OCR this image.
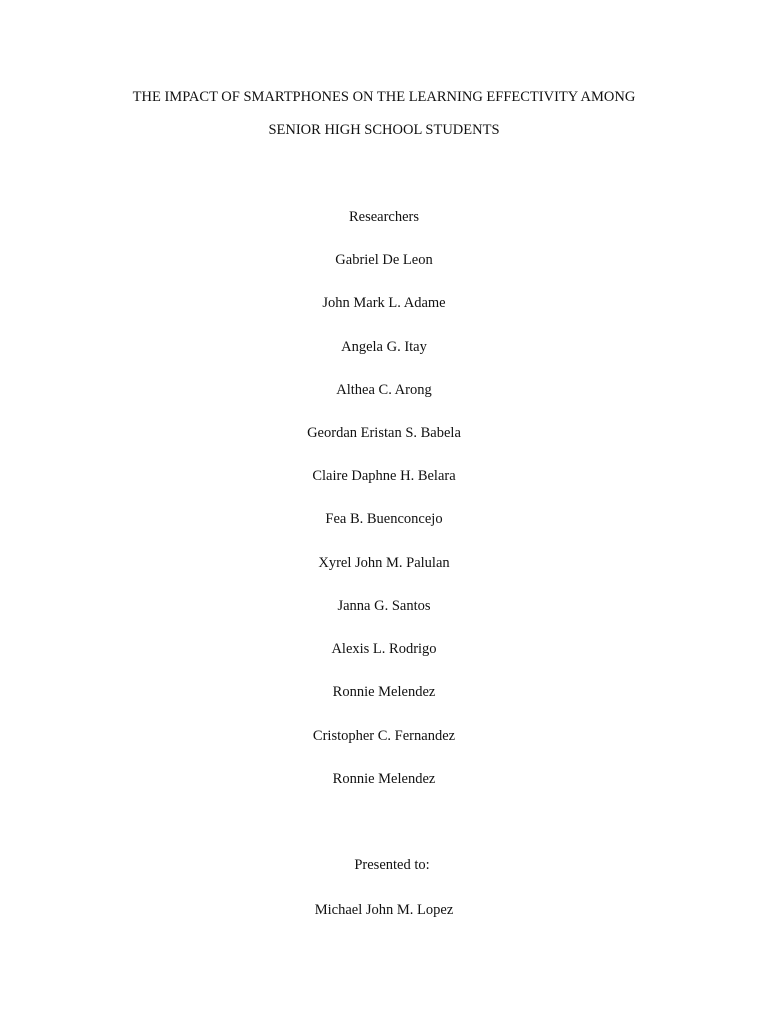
THE IMPACT OF SMARTPHONES ON THE LEARNING EFFECTIVITY AMONG
SENIOR HIGH SCHOOL STUDENTS
Researchers
Gabriel De Leon
John Mark L. Adame
Angela G. Itay
Althea C. Arong
Geordan Eristan S. Babela
Claire Daphne H. Belara
Fea B. Buenconcejo
Xyrel John M. Palulan
Janna G. Santos
Alexis L. Rodrigo
Ronnie Melendez
Cristopher C. Fernandez
Ronnie Melendez
Presented to:
Michael John M. Lopez
